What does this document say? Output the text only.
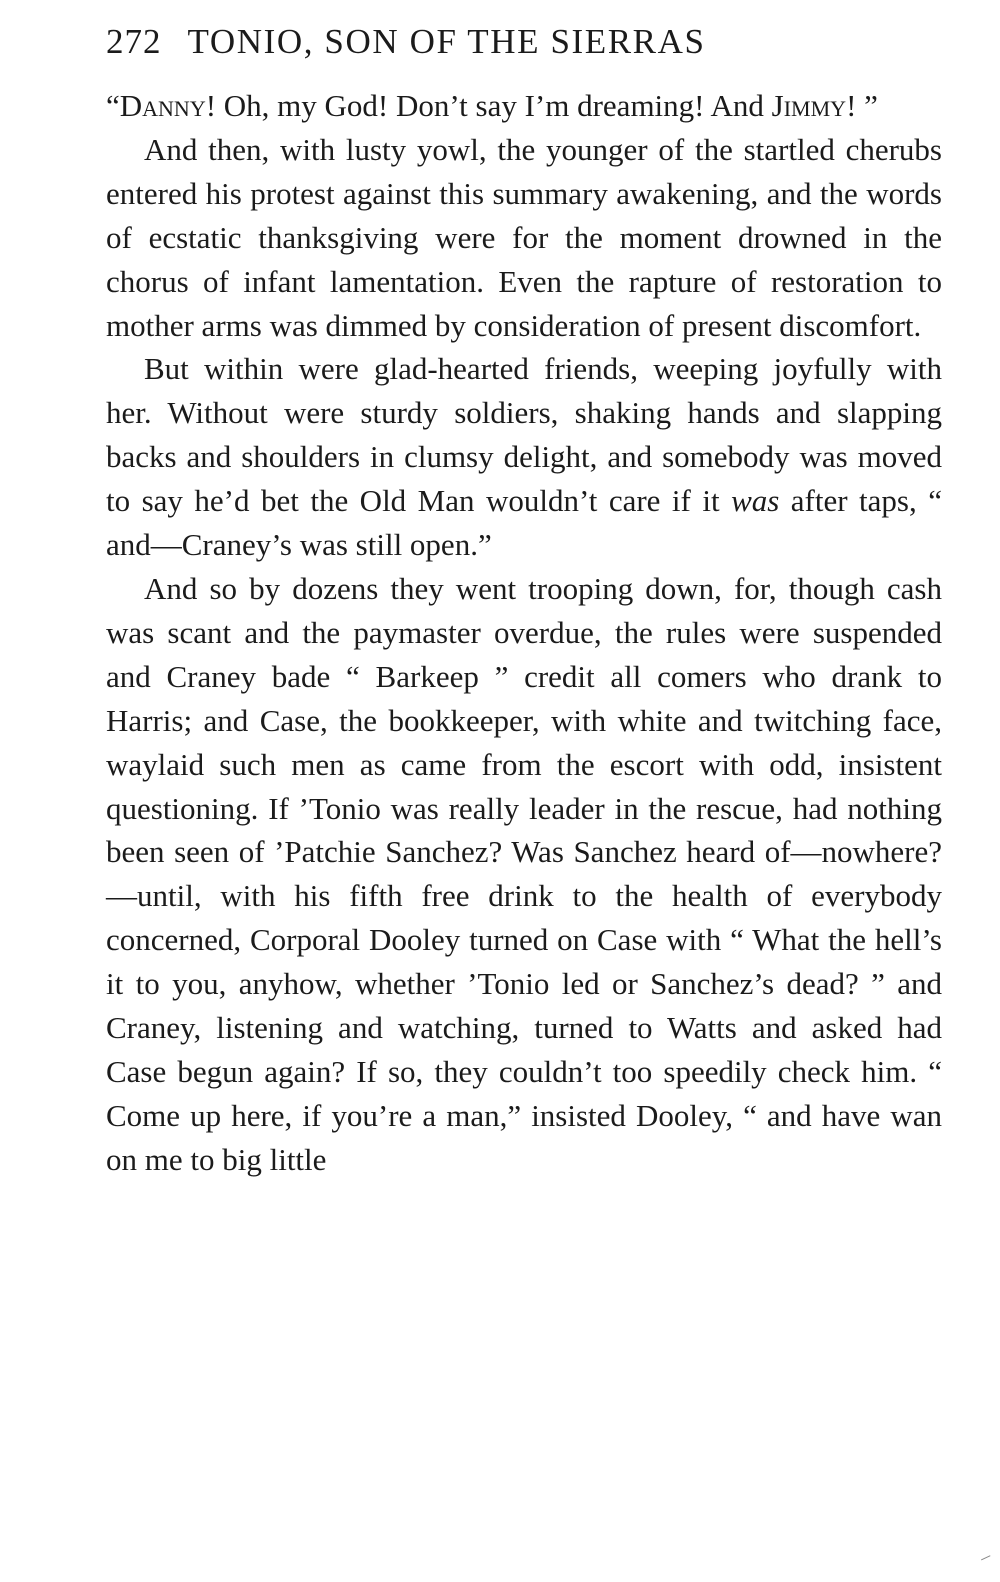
272 TONIO, SON OF THE SIERRAS

“Danny! Oh, my God! Don’t say I’m dreaming! And Jimmy! ”

And then, with lusty yowl, the younger of the startled cherubs entered his protest against this summary awakening, and the words of ecstatic thanksgiving were for the moment drowned in the chorus of infant lamentation. Even the rapture of restoration to mother arms was dimmed by consideration of present discomfort.

But within were glad-hearted friends, weeping joyfully with her. Without were sturdy soldiers, shaking hands and slapping backs and shoulders in clumsy delight, and somebody was moved to say he’d bet the Old Man wouldn’t care if it was after taps, “ and—Craney’s was still open.”

And so by dozens they went trooping down, for, though cash was scant and the paymaster overdue, the rules were suspended and Craney bade “ Barkeep ” credit all comers who drank to Harris; and Case, the bookkeeper, with white and twitching face, waylaid such men as came from the escort with odd, insistent questioning. If ’Tonio was really leader in the rescue, had nothing been seen of ’Patchie Sanchez? Was Sanchez heard of—nowhere?—until, with his fifth free drink to the health of everybody concerned, Corporal Dooley turned on Case with “ What the hell’s it to you, anyhow, whether ’Tonio led or Sanchez’s dead? ” and Craney, listening and watching, turned to Watts and asked had Case begun again? If so, they couldn’t too speedily check him. “ Come up here, if you’re a man,” insisted Dooley, “ and have wan on me to big little
